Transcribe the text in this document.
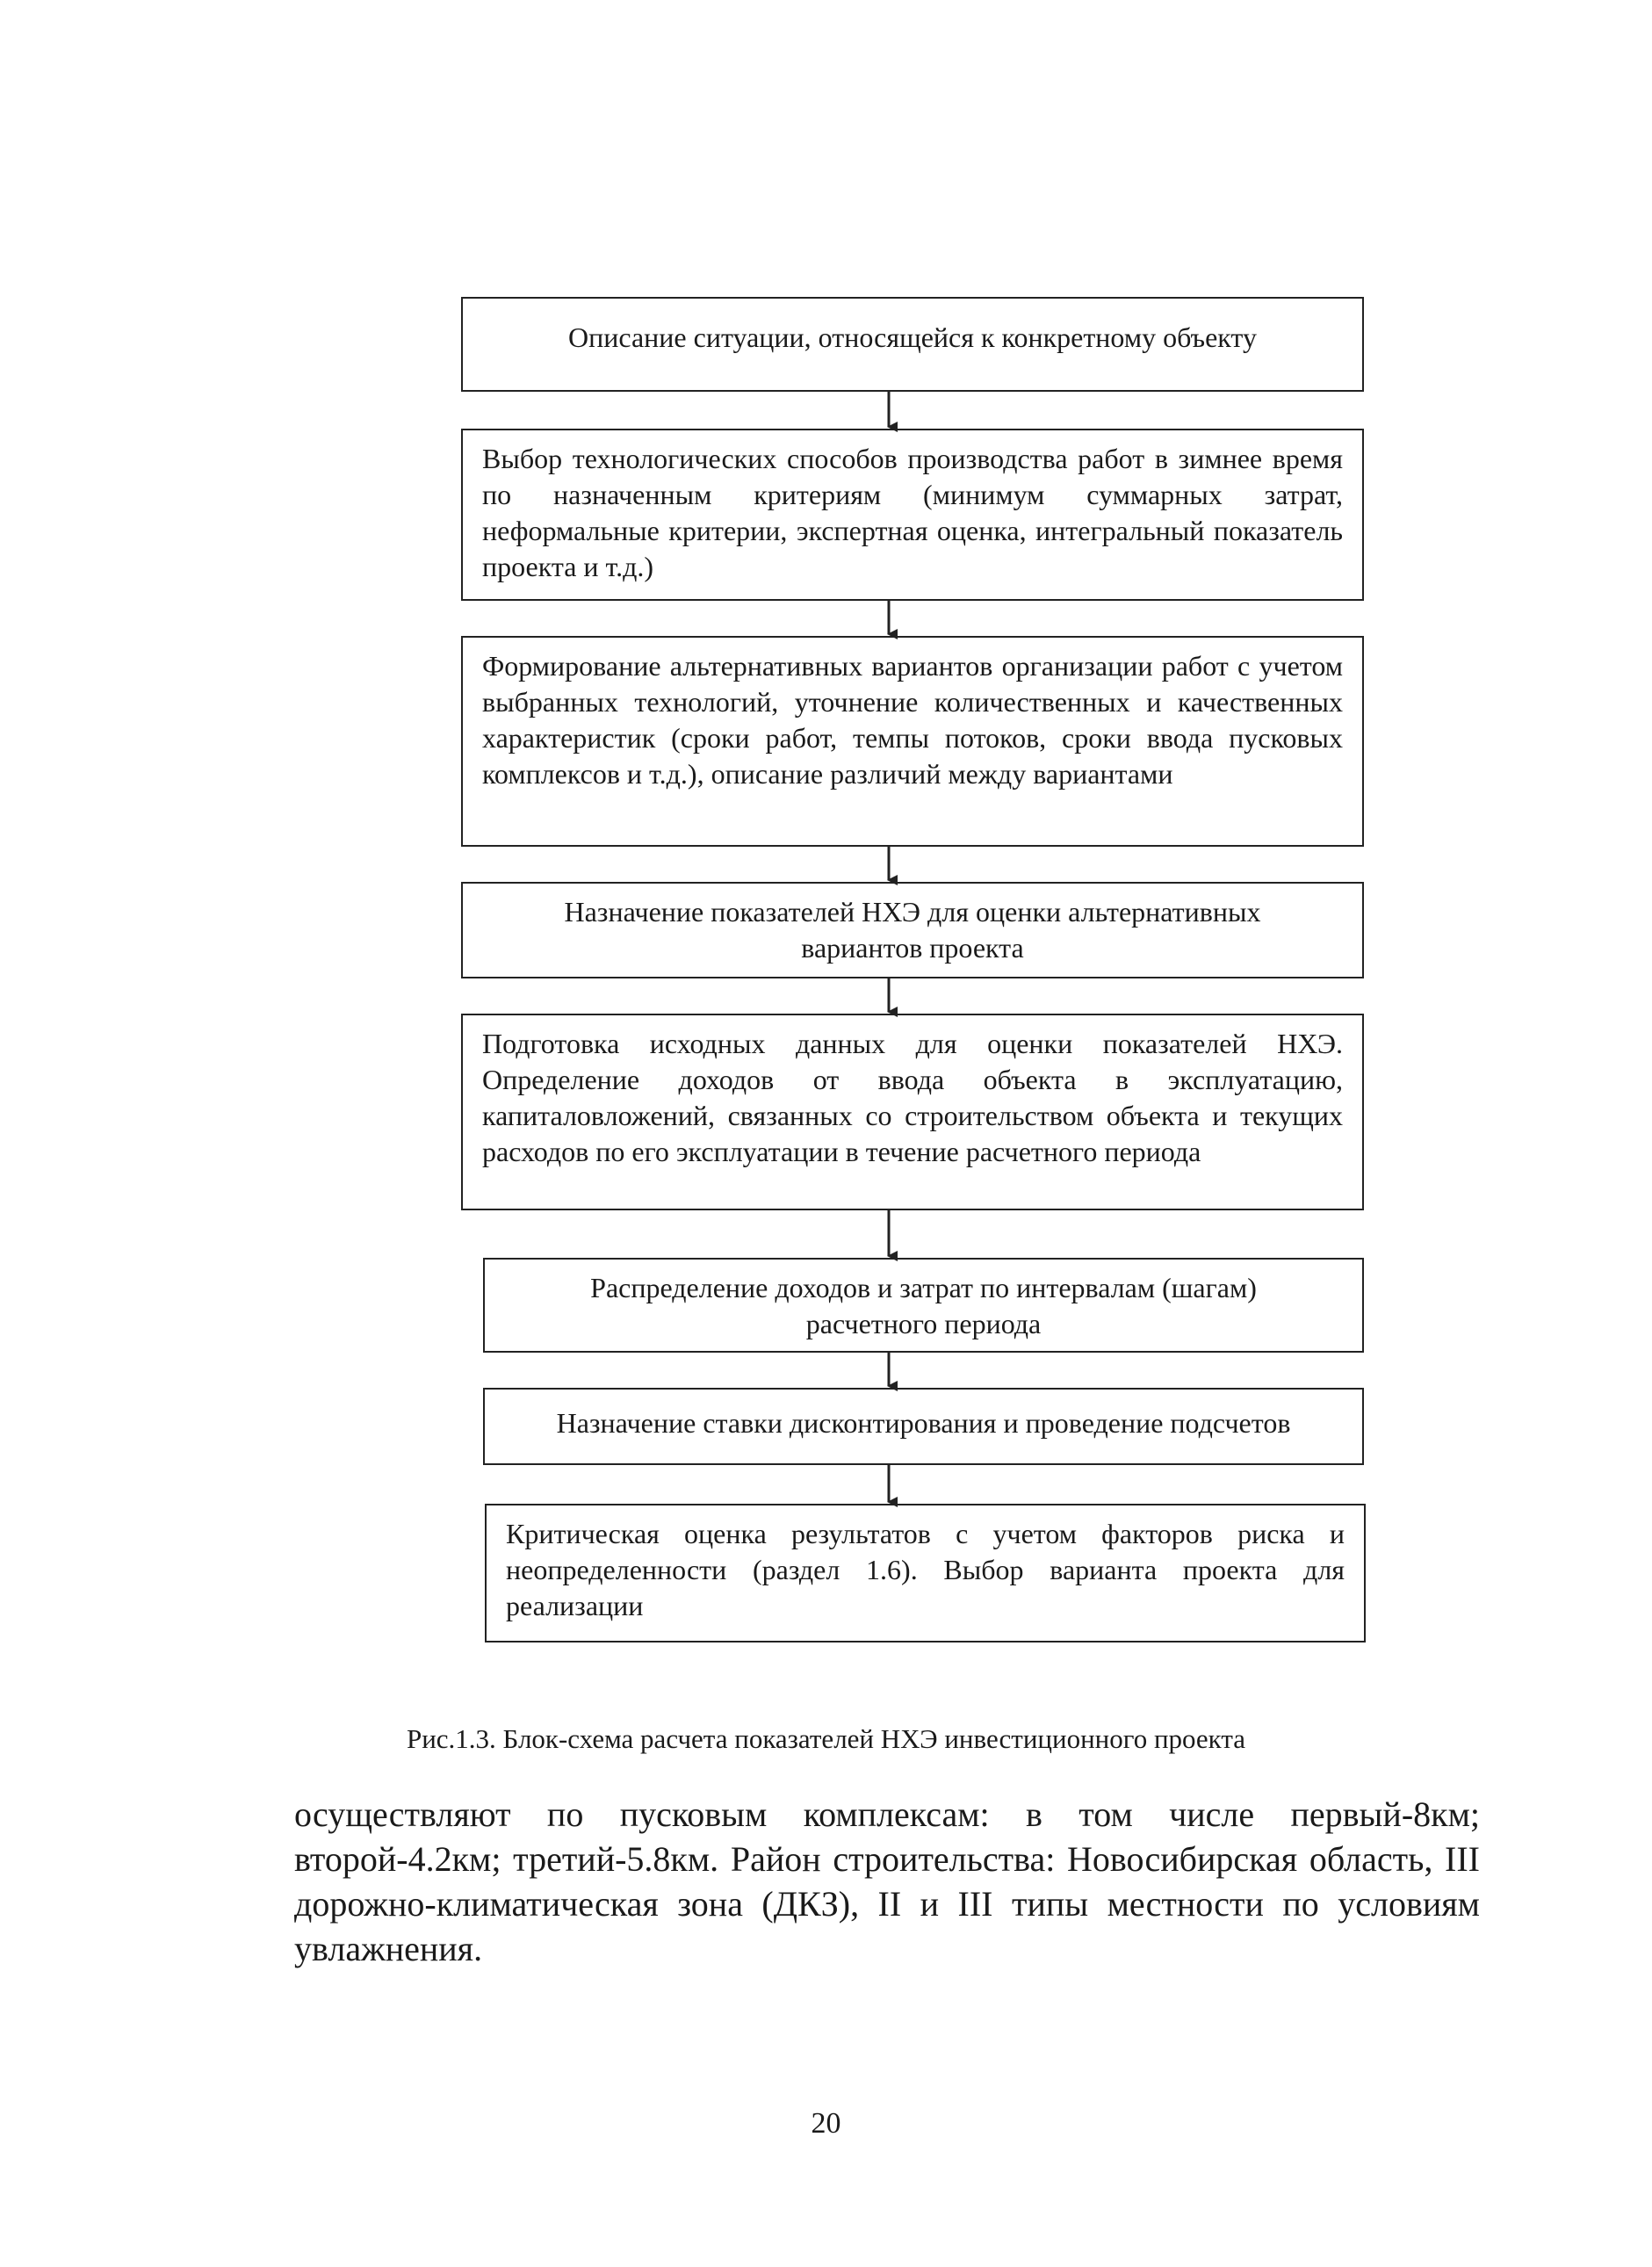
Описание ситуации, относящейся к конкретному объекту

Выбор технологических способов производства работ в зимнее время по назначенным критериям (минимум суммарных затрат, неформальные критерии, экспертная оценка, интегральный показатель проекта и т.д.)

Формирование альтернативных вариантов организации работ с учетом выбранных технологий, уточнение количественных и качественных характеристик (сроки работ, темпы потоков, сроки ввода пусковых комплексов и т.д.), описание различий между вариантами

Назначение показателей НХЭ для оценки альтернативных вариантов проекта

Подготовка исходных данных для оценки показателей НХЭ. Определение доходов от ввода объекта в эксплуатацию, капиталовложений, связанных со строительством объекта и текущих расходов по его эксплуатации в течение расчетного периода

Распределение доходов и затрат по интервалам (шагам) расчетного периода

Назначение ставки дисконтирования и проведение подсчетов

Критическая оценка результатов с учетом факторов риска и неопределенности (раздел 1.6). Выбор варианта проекта для реализации

Рис.1.3. Блок-схема расчета показателей НХЭ инвестиционного проекта
осуществляют по пусковым комплексам: в том числе первый-8км; второй-4.2км; третий-5.8км. Район строительства: Новосибирская область, III дорожно-климатическая зона (ДКЗ), II и III типы местности по условиям увлажнения.
20
